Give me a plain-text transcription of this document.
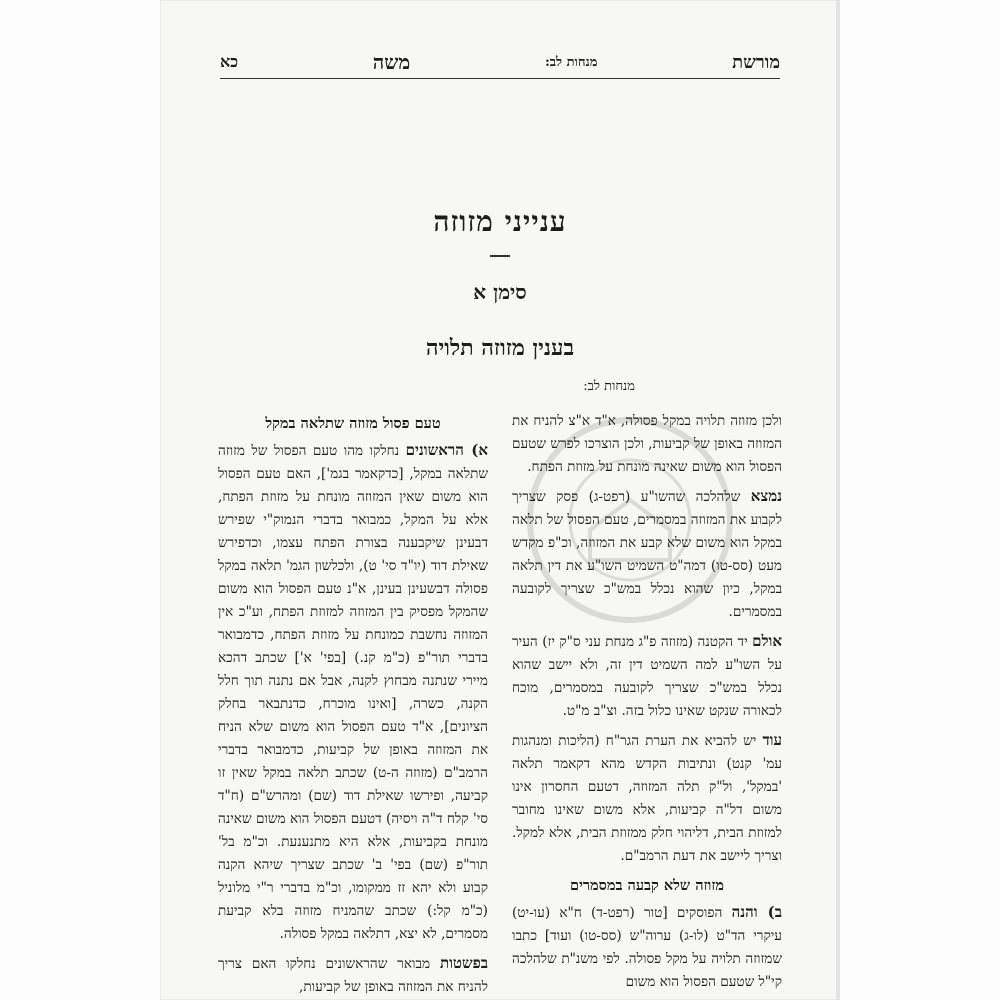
מורשת
מנחות לב:
משה
כא
ענייני מזוזה
סימן א
בענין מזוזה תלויה
מנחות לב:
טעם פסול מזוזה שתלאה במקל

א) הראשונים נחלקו מהו טעם הפסול של מזוזה שתלאה במקל, [כדקאמר בגמ'], האם טעם הפסול הוא משום שאין המזוזה מונחת על מזוזת הפתח, אלא על המקל, כמבואר בדברי הנמוק"י שפירש דבעינן שיקבענה בצורת הפתח עצמו, וכדפירש שאילת דוד (יו"ד סי' ט), ולכלשון הגמ' תלאה במקל פסולה דבשעינן בעינן, א"נ טעם הפסול הוא משום שהמקל מפסיק בין המזוזה למזוזת הפתח, וע"כ אין המזוזה נחשבת כמונחת על מזוזת הפתח, כדמבואר בדברי תור"פ (כ"מ קנ.) [בפי' א'] שכתב דהכא מיירי שנתנה מבחוץ לקנה, אבל אם נתנה תוך חלל הקנה, כשרה, [ואינו מוכרח, כדנתבאר בחלק הציונים], א"ד טעם הפסול הוא משום שלא הניח את המזוזה באופן של קביעות, כדמבואר בדברי הרמב"ם (מזוזה ה-ט) שכתב תלאה במקל שאין זו קביעה, ופירשו שאילת דוד (שם) ומהרש"ם (ח"ד סי' קלח ד"ה ויסיה) דטעם הפסול הוא משום שאינה מונחת בקביעות, אלא היא מתנענעת. וכ"מ בל' תור"פ (שם) בפי' ב' שכתב שצריך שיהא הקנה קבוע ולא יהא זז ממקומו, וכ"מ בדברי ר"י מלוניל (כ"מ קל:) שכתב שהמניח מזוזה בלא קביעת מסמרים, לא יצא, דתלאה במקל פסולה.

בפשטות מבואר שהראשונים נחלקו האם צריך להניח את המזוזה באופן של קביעות,

ולכן מזוזה תלויה במקל פסולה, א"ד א"צ להניח את המזוזה באופן של קביעות, ולכן הוצרכו לפרש שטעם הפסול הוא משום שאינה מונחת על מזוזת הפתח.

נמצא שלהלכה שהשו"ע (רפט-ג) פסק שצריך לקבוע את המזוזה במסמרים, טעם הפסול של תלאה במקל הוא משום שלא קבע את המזוזה, וכ"פ מקדש מעט (סס-טו) דמה"ט השמיט השו"ע את דין תלאה במקל, כיון שהוא נכלל במש"כ שצריך לקובעה במסמרים.

אולם יד הקטנה (מזוזה פ"ג מנחת עני ס"ק יז) העיר על השו"ע למה השמיט דין זה, ולא יישב שהוא נכלל במש"כ שצריך לקובעה במסמרים, מוכח לכאורה שנקט שאינו כלול בזה. וצ"ב מ"ט.

עוד יש להביא את הערת הגר"ח (הליכות ומנהגות עמ' קנט) ונתיבות הקדש מהא דקאמר תלאה 'במקל', ול"ק תלה המזוזה, דטעם החסרון אינו משום דל"ה קביעות, אלא משום שאינו מחובר למזוזת הבית, דליהוי חלק ממזוזת הבית, אלא למקל. וצריך ליישב את דעת הרמב"ם.

מזוזה שלא קבעה במסמרים

ב) והנה הפוסקים [טור (רפט-ד) ח"א (עו-יט) עיקרי הד"ט (לו-ג) ערוה"ש (סס-טו) ועוד] כתבו שמזוזה תלויה על מקל פסולה. לפי משנ"ת שלהלכה קי"ל שטעם הפסול הוא משום
